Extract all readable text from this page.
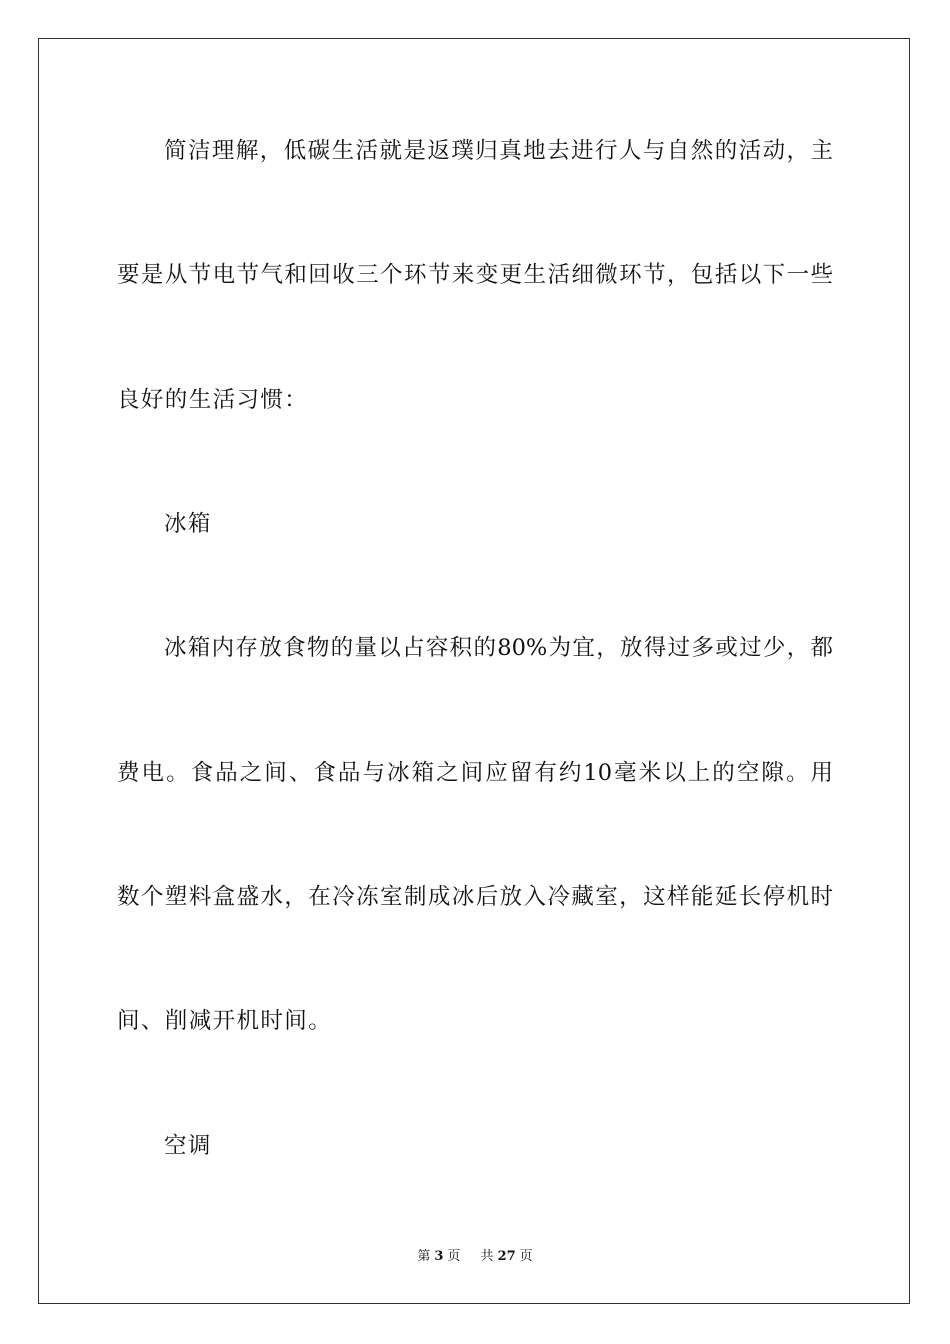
简洁理解，低碳生活就是返璞归真地去进行人与自然的活动，主
要是从节电节气和回收三个环节来变更生活细微环节，包括以下一些
良好的生活习惯：
冰箱
冰箱内存放食物的量以占容积的80%为宜，放得过多或过少，都
费电。食品之间、食品与冰箱之间应留有约10毫米以上的空隙。用
数个塑料盒盛水，在冷冻室制成冰后放入冷藏室，这样能延长停机时
间、削减开机时间。
空调
第 3 页 共 27 页
